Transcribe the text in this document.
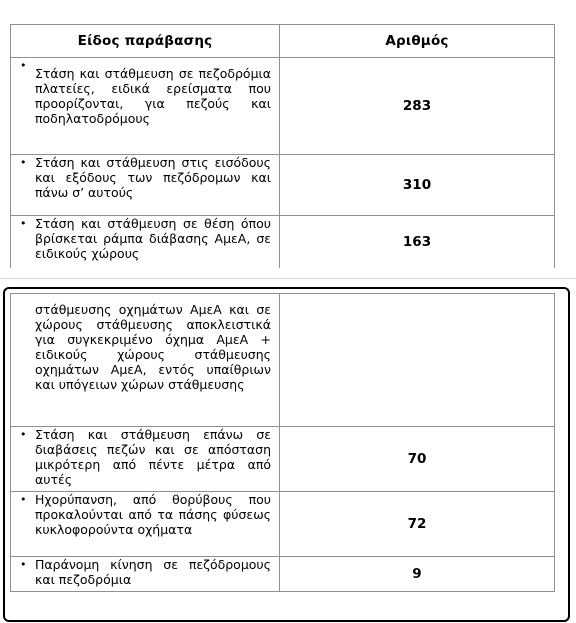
Είδος παράβασης	Αριθμός

•
Στάση και στάθμευση σε πεζοδρόμια πλατείες, ειδικά ερείσματα που προορίζονται, για πεζούς και ποδηλατοδρόμους	283

• Στάση και στάθμευση στις εισόδους και εξόδους των πεζόδρομων και πάνω σ’ αυτούς	310

• Στάση και στάθμευση σε θέση όπου βρίσκεται ράμπα διάβασης ΑμεΑ, σε ειδικούς χώρους	163
στάθμευσης οχημάτων ΑμεΑ και σε χώρους στάθμευσης αποκλειστικά για συγκεκριμένο όχημα ΑμεΑ + ειδικούς χώρους στάθμευσης οχημάτων ΑμεΑ, εντός υπαίθριων και υπόγειων χώρων στάθμευσης	

• Στάση και στάθμευση επάνω σε διαβάσεις πεζών και σε απόσταση μικρότερη από πέντε μέτρα από αυτές	70

• Ηχορύπανση, από θορύβους που προκαλούνται από τα πάσης φύσεως κυκλοφορούντα οχήματα	72

• Παράνομη κίνηση σε πεζόδρομους και πεζοδρόμια	9
